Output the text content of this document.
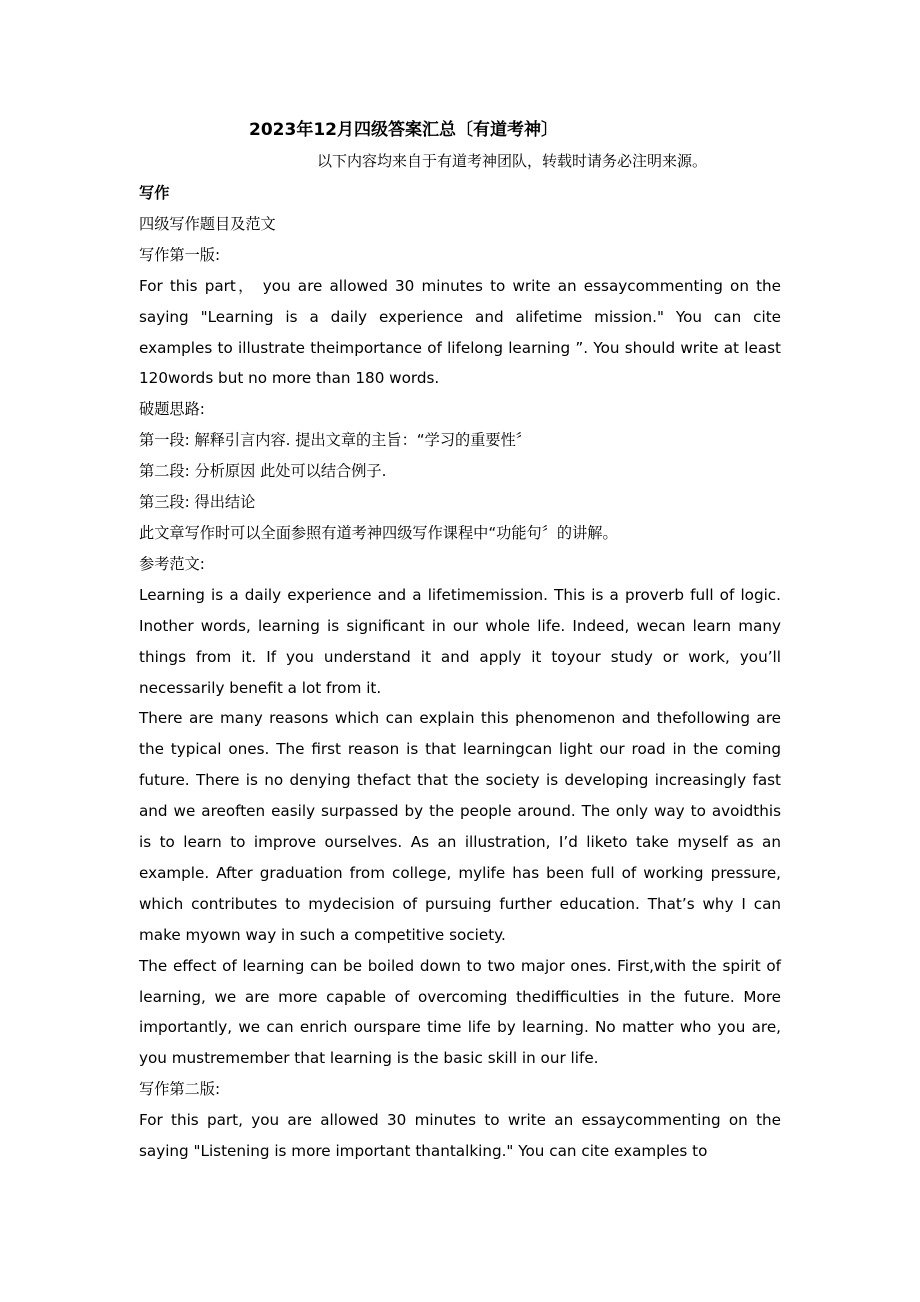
2023年12月四级答案汇总〔有道考神〕
以下内容均来自于有道考神团队，转载时请务必注明来源。

写作

四级写作题目及范文

写作第一版:

For this part， you are allowed 30 minutes to write an essaycommenting on the saying "Learning is a daily experience and alifetime mission." You can cite examples to illustrate theimportance of lifelong learning ”. You should write at least 120words but no more than 180 words.

破题思路:

第一段: 解释引言内容. 提出文章的主旨：“学习的重要性〞

第二段: 分析原因 此处可以结合例子.

第三段: 得出结论

此文章写作时可以全面参照有道考神四级写作课程中“功能句〞的讲解。

参考范文:

Learning is a daily experience and a lifetimemission. This is a proverb full of logic. Inother words, learning is significant in our whole life. Indeed, wecan learn many things from it. If you understand it and apply it toyour study or work, you’ll necessarily benefit a lot from it.

There are many reasons which can explain this phenomenon and thefollowing are the typical ones. The first reason is that learningcan light our road in the coming future. There is no denying thefact that the society is developing increasingly fast and we areoften easily surpassed by the people around. The only way to avoidthis is to learn to improve ourselves. As an illustration, I’d liketo take myself as an example. After graduation from college, mylife has been full of working pressure, which contributes to mydecision of pursuing further education. That’s why I can make myown way in such a competitive society.

The effect of learning can be boiled down to two major ones. First,with the spirit of learning, we are more capable of overcoming thedifficulties in the future. More importantly, we can enrich ourspare time life by learning. No matter who you are, you mustremember that learning is the basic skill in our life.

写作第二版:

For this part, you are allowed 30 minutes to write an essaycommenting on the saying "Listening is more important thantalking." You can cite examples to
